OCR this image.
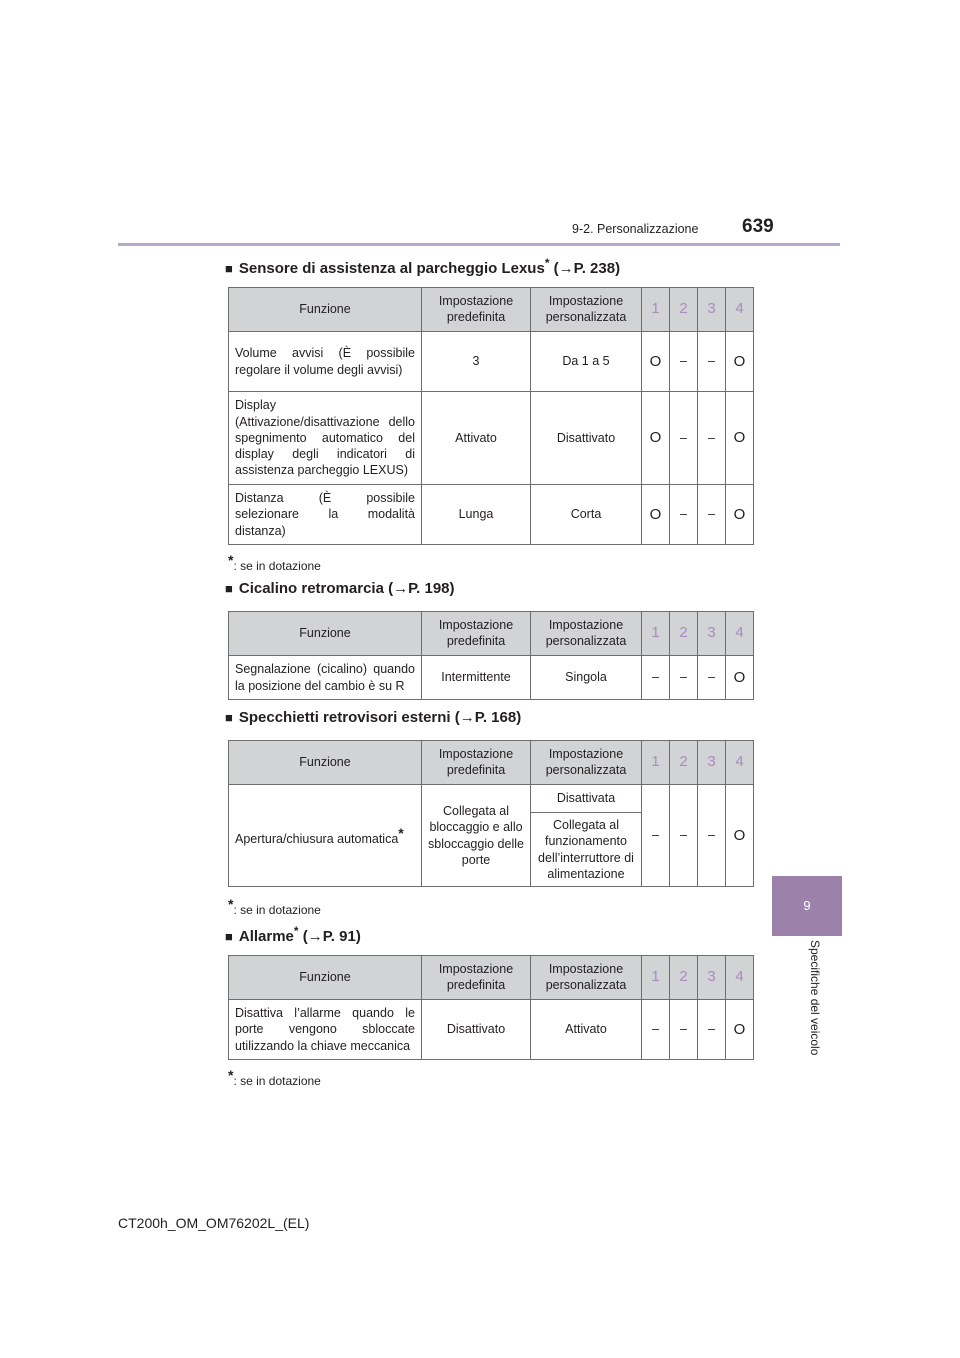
9-2. Personalizzazione 639
9
Specifiche del veicolo
■ Sensore di assistenza al parcheggio Lexus* (→P. 238)
Funzione	Impostazione predefinita	Impostazione personalizzata	1	2	3	4
Volume avvisi (È possibile regolare il volume degli avvisi)	3	Da 1 a 5	O	–	–	O
Display (Attivazione/disattivazione dello spegnimento automatico del display degli indicatori di assistenza parcheggio LEXUS)	Attivato	Disattivato	O	–	–	O
Distanza (È possibile selezionare la modalità distanza)	Lunga	Corta	O	–	–	O
*: se in dotazione
■ Cicalino retromarcia (→P. 198)
Funzione	Impostazione predefinita	Impostazione personalizzata	1	2	3	4
Segnalazione (cicalino) quando la posizione del cambio è su R	Intermittente	Singola	–	–	–	O
■ Specchietti retrovisori esterni (→P. 168)
Funzione	Impostazione predefinita	Impostazione personalizzata	1	2	3	4
Apertura/chiusura automatica*	Collegata al bloccaggio e allo sbloccaggio delle porte	Disattivata	–	–	–	O
		Collegata al funzionamento dell’interruttore di alimentazione				
*: se in dotazione
■ Allarme* (→P. 91)
Funzione	Impostazione predefinita	Impostazione personalizzata	1	2	3	4
Disattiva l’allarme quando le porte vengono sbloccate utilizzando la chiave meccanica	Disattivato	Attivato	–	–	–	O
*: se in dotazione
CT200h_OM_OM76202L_(EL)
